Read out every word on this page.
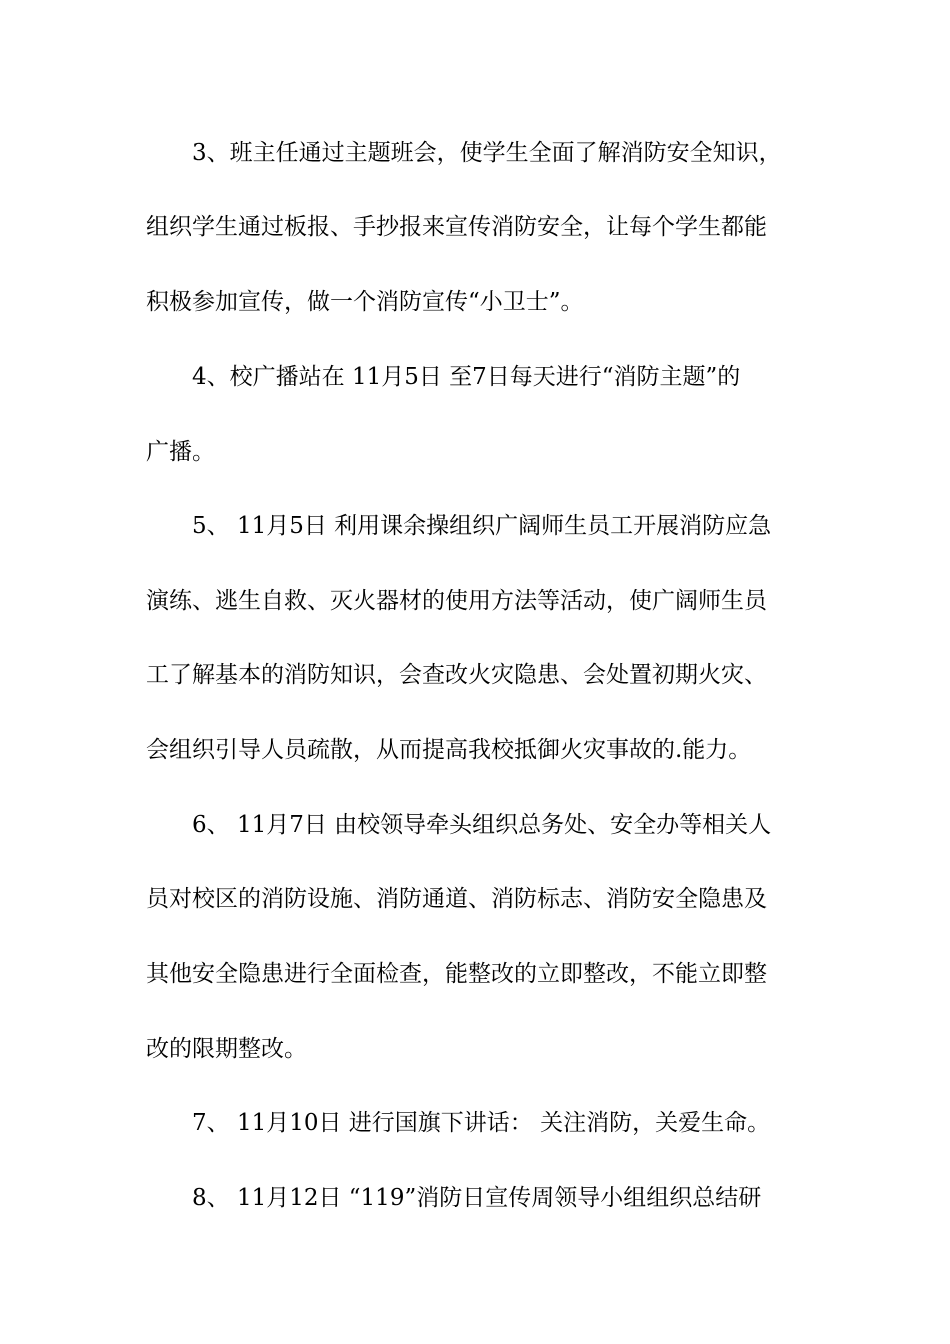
3、班主任通过主题班会，使学生全面了解消防安全知识，
组织学生通过板报、手抄报来宣传消防安全，让每个学生都能
积极参加宣传，做一个消防宣传“小卫士”。
4、校广播站在 11月5日 至7日每天进行“消防主题”的
广播。
5、 11月5日 利用课余操组织广阔师生员工开展消防应急
演练、逃生自救、灭火器材的使用方法等活动，使广阔师生员
工了解基本的消防知识，会查改火灾隐患、会处置初期火灾、
会组织引导人员疏散，从而提高我校抵御火灾事故的.能力。
6、 11月7日 由校领导牵头组织总务处、安全办等相关人
员对校区的消防设施、消防通道、消防标志、消防安全隐患及
其他安全隐患进行全面检查，能整改的立即整改，不能立即整
改的限期整改。
7、 11月10日 进行国旗下讲话： 关注消防，关爱生命。
8、 11月12日 “119”消防日宣传周领导小组组织总结研
